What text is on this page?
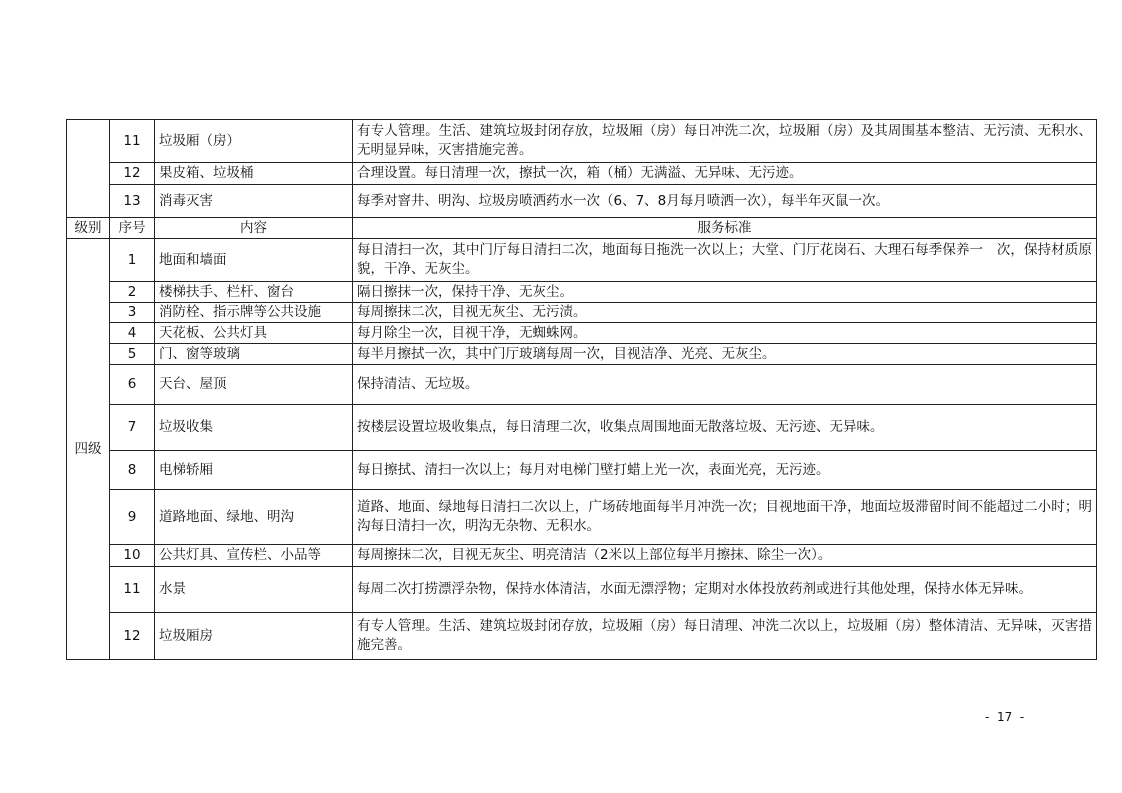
	11	垃圾厢（房）	有专人管理。生活、建筑垃圾封闭存放，垃圾厢（房）每日冲洗二次，垃圾厢（房）及其周围基本整洁、无污渍、无积水、无明显异味，灭害措施完善。
	12	果皮箱、垃圾桶	合理设置。每日清理一次，擦拭一次，箱（桶）无满溢、无异味、无污迹。
	13	消毒灭害	每季对窨井、明沟、垃圾房喷洒药水一次（6、7、8月每月喷洒一次），每半年灭鼠一次。
级别	序号	内容	服务标准
四级	1	地面和墙面	每日清扫一次，其中门厅每日清扫二次，地面每日拖洗一次以上；大堂、门厅花岗石、大理石每季保养一　次，保持材质原貌，干净、无灰尘。
	2	楼梯扶手、栏杆、窗台	隔日擦抹一次，保持干净、无灰尘。
	3	消防栓、指示牌等公共设施	每周擦抹二次，目视无灰尘、无污渍。
	4	天花板、公共灯具	每月除尘一次，目视干净，无蜘蛛网。
	5	门、窗等玻璃	每半月擦拭一次，其中门厅玻璃每周一次，目视洁净、光亮、无灰尘。
	6	天台、屋顶	保持清洁、无垃圾。
	7	垃圾收集	按楼层设置垃圾收集点，每日清理二次，收集点周围地面无散落垃圾、无污迹、无异味。
	8	电梯轿厢	每日擦拭、清扫一次以上；每月对电梯门壁打蜡上光一次，表面光亮，无污迹。
	9	道路地面、绿地、明沟	道路、地面、绿地每日清扫二次以上，广场砖地面每半月冲洗一次；目视地面干净，地面垃圾滞留时间不能超过二小时；明沟每日清扫一次，明沟无杂物、无积水。
	10	公共灯具、宣传栏、小品等	每周擦抹二次，目视无灰尘、明亮清洁（2米以上部位每半月擦抹、除尘一次）。
	11	水景	每周二次打捞漂浮杂物，保持水体清洁，水面无漂浮物；定期对水体投放药剂或进行其他处理，保持水体无异味。
	12	垃圾厢房	有专人管理。生活、建筑垃圾封闭存放，垃圾厢（房）每日清理、冲洗二次以上，垃圾厢（房）整体清洁、无异味，灭害措施完善。
-  17  -
